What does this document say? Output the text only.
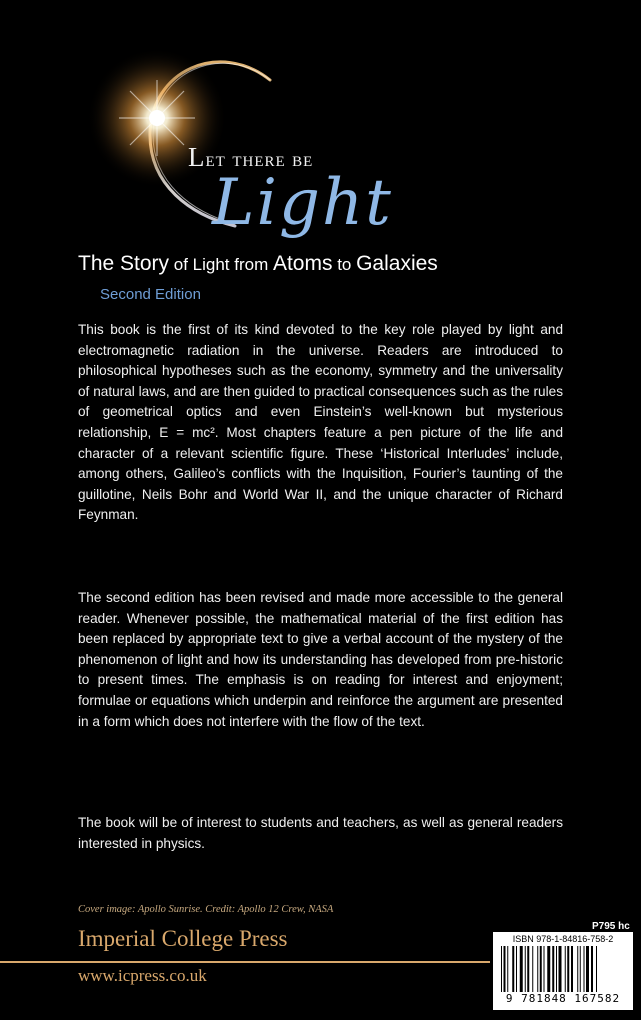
Let there be
Light
The Story of Light from Atoms to Galaxies
Second Edition

This book is the first of its kind devoted to the key role played by light and electromagnetic radiation in the universe. Readers are introduced to philosophical hypotheses such as the economy, symmetry and the universality of natural laws, and are then guided to practical consequences such as the rules of geometrical optics and even Einstein’s well-known but mysterious relationship, E = mc². Most chapters feature a pen picture of the life and character of a relevant scientific figure. These ‘Historical Interludes’ include, among others, Galileo’s conflicts with the Inquisition, Fourier’s taunting of the guillotine, Neils Bohr and World War II, and the unique character of Richard Feynman.

The second edition has been revised and made more accessible to the general reader. Whenever possible, the mathematical material of the first edition has been replaced by appropriate text to give a verbal account of the mystery of the phenomenon of light and how its understanding has developed from pre-historic to present times. The emphasis is on reading for interest and enjoyment; formulae or equations which underpin and reinforce the argument are presented in a form which does not interfere with the flow of the text.

The book will be of interest to students and teachers, as well as general readers interested in physics.

Cover image: Apollo Sunrise. Credit: Apollo 12 Crew, NASA
Imperial College Press
www.icpress.co.uk
P795 hc
ISBN 978-1-84816-758-2
9 781848 167582
